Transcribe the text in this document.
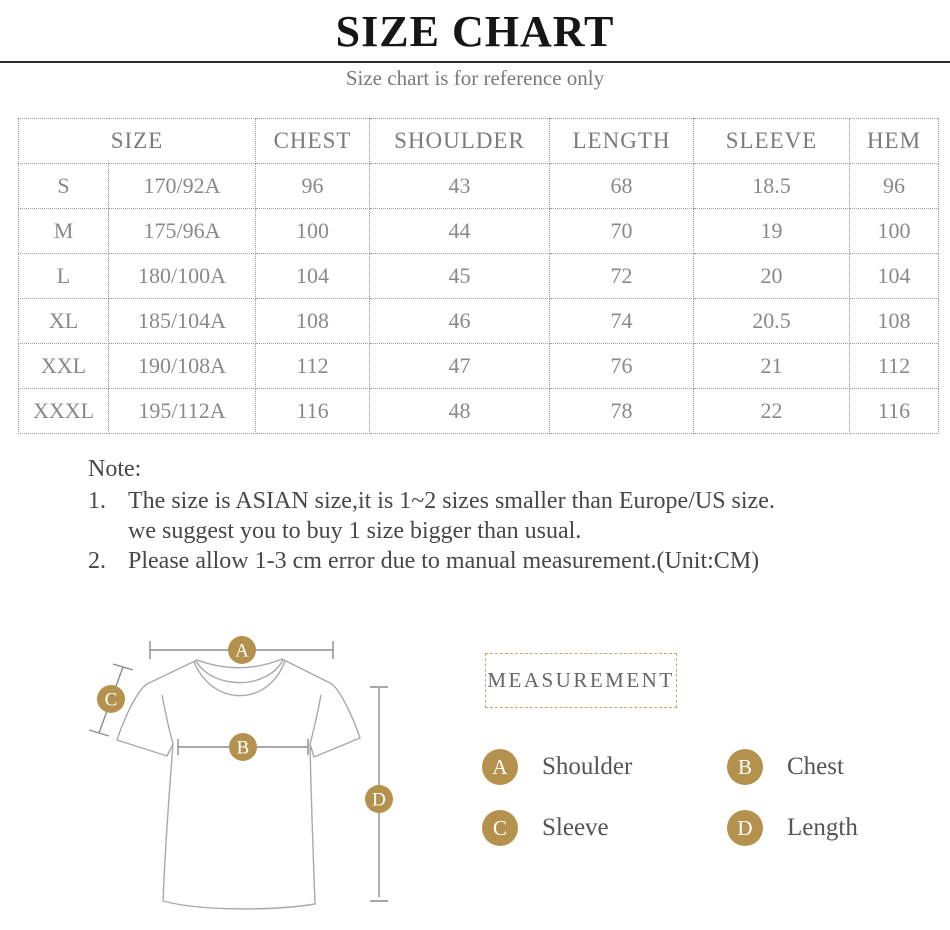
SIZE CHART
Size chart is for reference only
SIZE		CHEST	SHOULDER	LENGTH	SLEEVE	HEM
S	170/92A	96	43	68	18.5	96
M	175/96A	100	44	70	19	100
L	180/100A	104	45	72	20	104
XL	185/104A	108	46	74	20.5	108
XXL	190/108A	112	47	76	21	112
XXXL	195/112A	116	48	78	22	116
Note:
1. The size is ASIAN size,it is 1~2 sizes smaller than Europe/US size.
we suggest you to buy 1 size bigger than usual.
2. Please allow 1-3 cm error due to manual measurement.(Unit:CM)
A
B
C
D
MEASUREMENT
A	Shoulder	B	Chest
C	Sleeve	D	Length
